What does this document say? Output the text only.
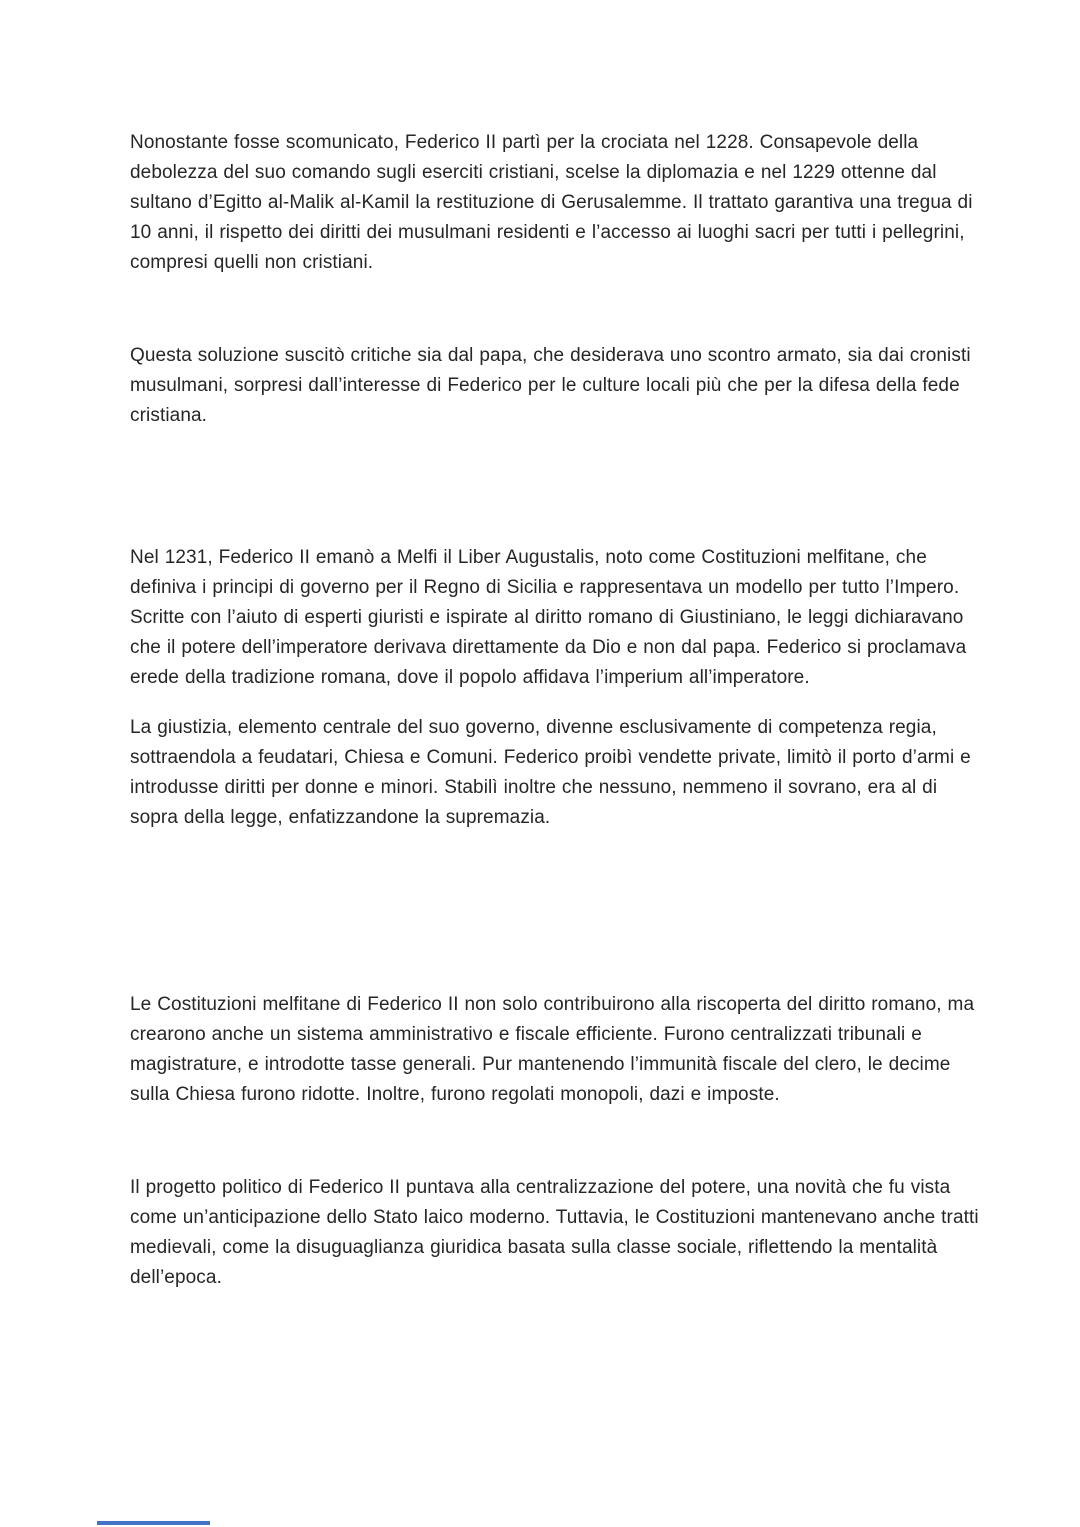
Nonostante fosse scomunicato, Federico II partì per la crociata nel 1228. Consapevole della debolezza del suo comando sugli eserciti cristiani, scelse la diplomazia e nel 1229 ottenne dal sultano d’Egitto al-Malik al-Kamil la restituzione di Gerusalemme. Il trattato garantiva una tregua di 10 anni, il rispetto dei diritti dei musulmani residenti e l’accesso ai luoghi sacri per tutti i pellegrini, compresi quelli non cristiani.

Questa soluzione suscitò critiche sia dal papa, che desiderava uno scontro armato, sia dai cronisti musulmani, sorpresi dall’interesse di Federico per le culture locali più che per la difesa della fede cristiana.

Nel 1231, Federico II emanò a Melfi il Liber Augustalis, noto come Costituzioni melfitane, che definiva i principi di governo per il Regno di Sicilia e rappresentava un modello per tutto l’Impero. Scritte con l’aiuto di esperti giuristi e ispirate al diritto romano di Giustiniano, le leggi dichiaravano che il potere dell’imperatore derivava direttamente da Dio e non dal papa. Federico si proclamava erede della tradizione romana, dove il popolo affidava l’imperium all’imperatore.

La giustizia, elemento centrale del suo governo, divenne esclusivamente di competenza regia, sottraendola a feudatari, Chiesa e Comuni. Federico proibì vendette private, limitò il porto d’armi e introdusse diritti per donne e minori. Stabilì inoltre che nessuno, nemmeno il sovrano, era al di sopra della legge, enfatizzandone la supremazia.

Le Costituzioni melfitane di Federico II non solo contribuirono alla riscoperta del diritto romano, ma crearono anche un sistema amministrativo e fiscale efficiente. Furono centralizzati tribunali e magistrature, e introdotte tasse generali. Pur mantenendo l’immunità fiscale del clero, le decime sulla Chiesa furono ridotte. Inoltre, furono regolati monopoli, dazi e imposte.

Il progetto politico di Federico II puntava alla centralizzazione del potere, una novità che fu vista come un’anticipazione dello Stato laico moderno. Tuttavia, le Costituzioni mantenevano anche tratti medievali, come la disuguaglianza giuridica basata sulla classe sociale, riflettendo la mentalità dell’epoca.
